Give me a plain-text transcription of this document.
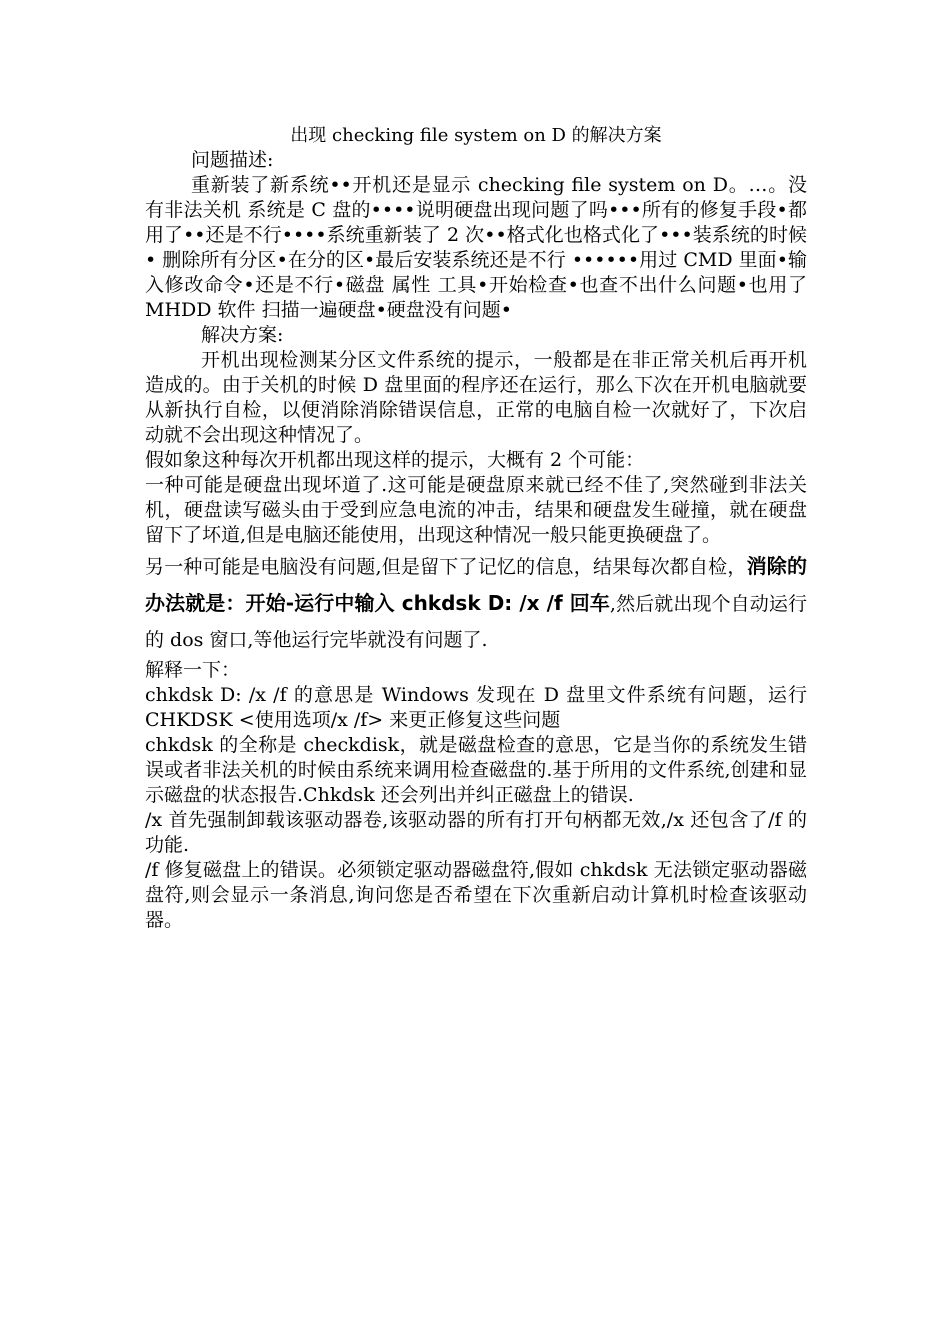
出现 checking file system on D 的解决方案

问题描述:

重新装了新系统••开机还是显示 checking file system on D。…。没有非法关机 系统是 C 盘的••••说明硬盘出现问题了吗•••所有的修复手段•都用了••还是不行••••系统重新装了 2 次••格式化也格式化了•••装系统的时候• 删除所有分区•在分的区•最后安装系统还是不行 ••••••用过 CMD 里面•输入修改命令•还是不行•磁盘 属性 工具•开始检查•也查不出什么问题•也用了 MHDD 软件 扫描一遍硬盘•硬盘没有问题•

解决方案:

开机出现检测某分区文件系统的提示，一般都是在非正常关机后再开机造成的。由于关机的时候 D 盘里面的程序还在运行，那么下次在开机电脑就要从新执行自检，以便消除消除错误信息，正常的电脑自检一次就好了，下次启动就不会出现这种情况了。

假如象这种每次开机都出现这样的提示，大概有 2 个可能：

一种可能是硬盘出现坏道了.这可能是硬盘原来就已经不佳了,突然碰到非法关机，硬盘读写磁头由于受到应急电流的冲击，结果和硬盘发生碰撞，就在硬盘留下了坏道,但是电脑还能使用，出现这种情况一般只能更换硬盘了。

另一种可能是电脑没有问题,但是留下了记忆的信息，结果每次都自检，消除的办法就是：开始-运行中输入 chkdsk D: /x /f 回车,然后就出现个自动运行的 dos 窗口,等他运行完毕就没有问题了.

解释一下：

chkdsk D: /x /f 的意思是 Windows 发现在 D 盘里文件系统有问题，运行 CHKDSK <使用选项/x /f> 来更正修复这些问题

chkdsk 的全称是 checkdisk，就是磁盘检查的意思，它是当你的系统发生错误或者非法关机的时候由系统来调用检查磁盘的.基于所用的文件系统,创建和显示磁盘的状态报告.Chkdsk 还会列出并纠正磁盘上的错误.

/x 首先强制卸载该驱动器卷,该驱动器的所有打开句柄都无效,/x 还包含了/f 的功能.

/f 修复磁盘上的错误。必须锁定驱动器磁盘符,假如 chkdsk 无法锁定驱动器磁盘符,则会显示一条消息,询问您是否希望在下次重新启动计算机时检查该驱动器。
